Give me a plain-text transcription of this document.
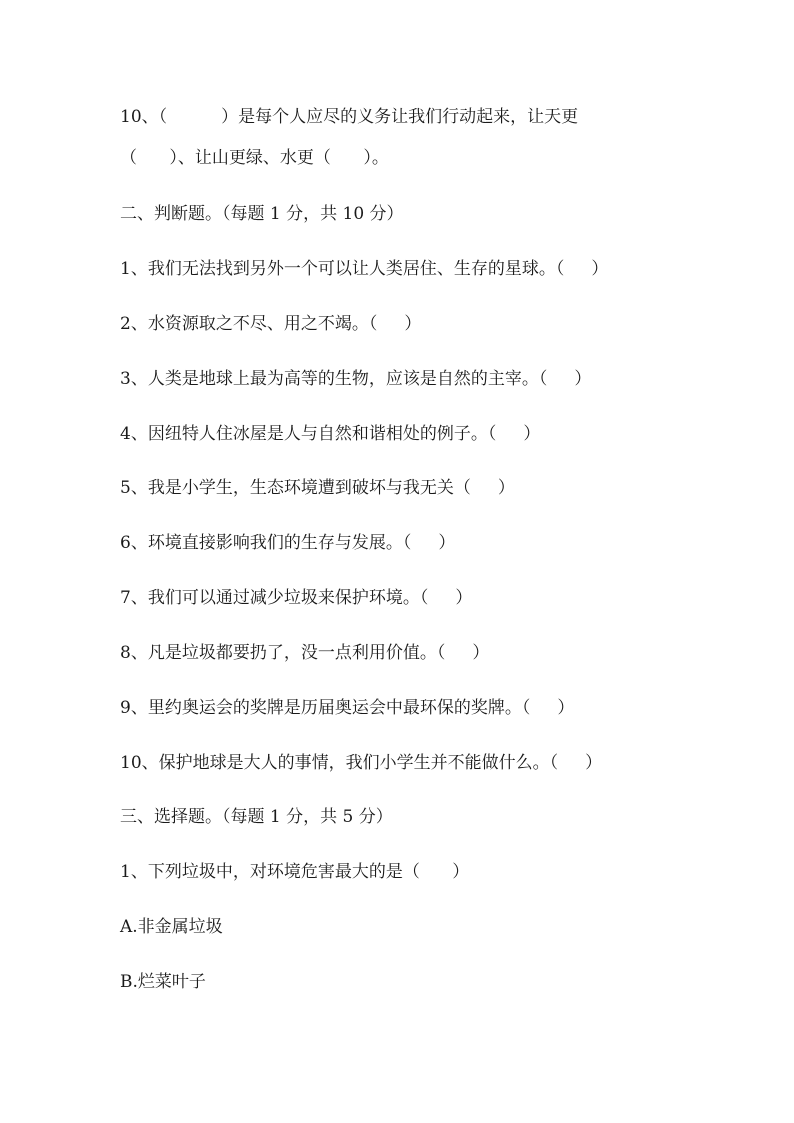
10、（          ）是每个人应尽的义务让我们行动起来，让天更
（      ）、让山更绿、水更（      ）。
二、判断题。（每题 1 分，共 10 分）
1、我们无法找到另外一个可以让人类居住、生存的星球。（     ）
2、水资源取之不尽、用之不竭。（     ）
3、人类是地球上最为高等的生物，应该是自然的主宰。（     ）
4、因纽特人住冰屋是人与自然和谐相处的例子。（     ）
5、我是小学生，生态环境遭到破坏与我无关（     ）
6、环境直接影响我们的生存与发展。（     ）
7、我们可以通过减少垃圾来保护环境。（     ）
8、凡是垃圾都要扔了，没一点利用价值。（     ）
9、里约奥运会的奖牌是历届奥运会中最环保的奖牌。（     ）
10、保护地球是大人的事情，我们小学生并不能做什么。（     ）
三、选择题。（每题 1 分，共 5 分）
1、下列垃圾中，对环境危害最大的是（      ）
A.非金属垃圾
B.烂菜叶子
